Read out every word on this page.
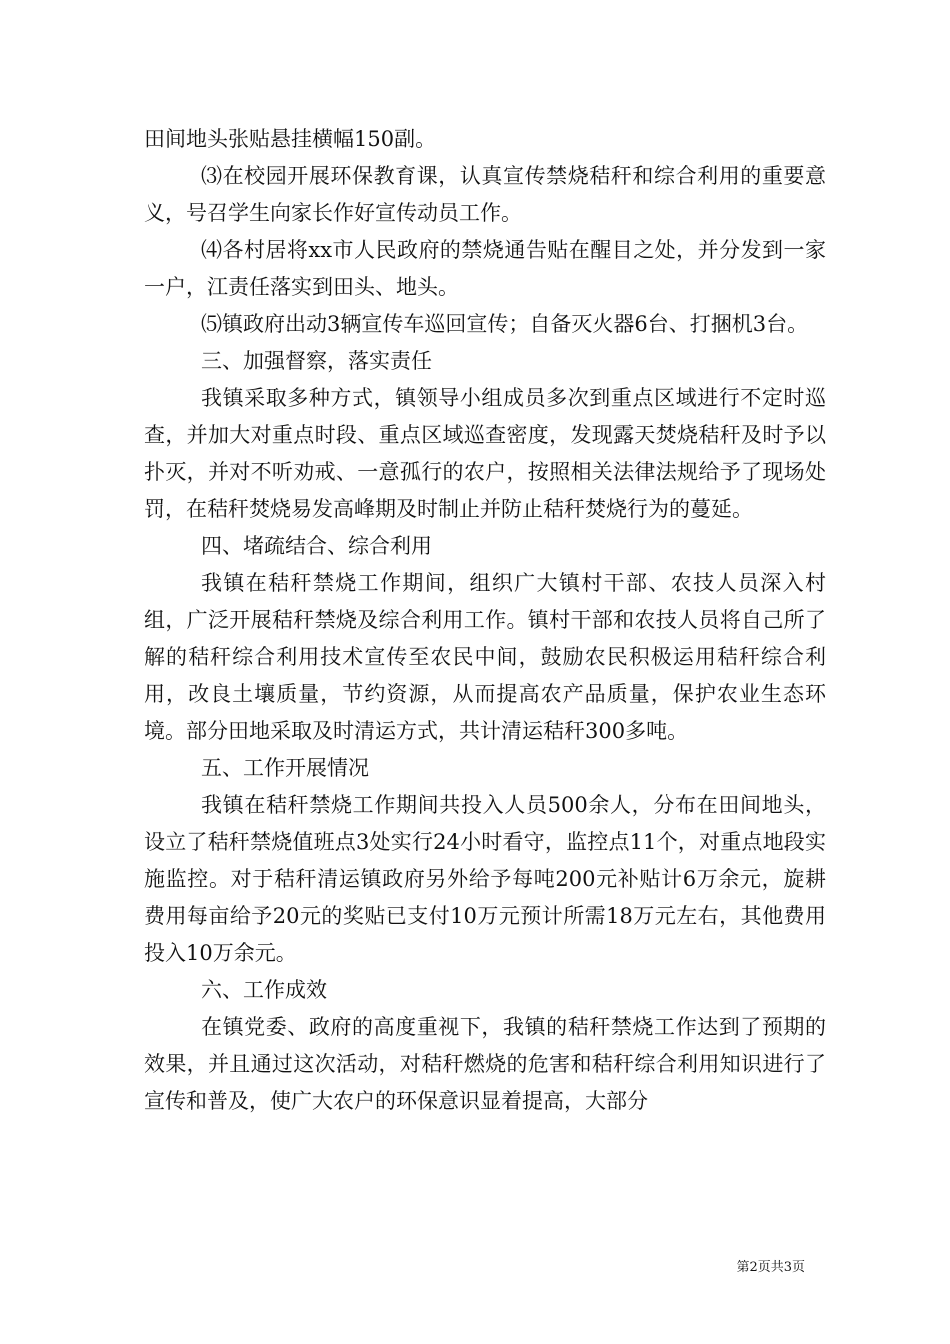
田间地头张贴悬挂横幅150副。

⑶在校园开展环保教育课，认真宣传禁烧秸秆和综合利用的重要意义，号召学生向家长作好宣传动员工作。

⑷各村居将xx市人民政府的禁烧通告贴在醒目之处，并分发到一家一户，江责任落实到田头、地头。

⑸镇政府出动3辆宣传车巡回宣传；自备灭火器6台、打捆机3台。

三、加强督察，落实责任

我镇采取多种方式，镇领导小组成员多次到重点区域进行不定时巡查，并加大对重点时段、重点区域巡查密度，发现露天焚烧秸秆及时予以扑灭，并对不听劝戒、一意孤行的农户，按照相关法律法规给予了现场处罚，在秸秆焚烧易发高峰期及时制止并防止秸秆焚烧行为的蔓延。

四、堵疏结合、综合利用

我镇在秸秆禁烧工作期间，组织广大镇村干部、农技人员深入村组，广泛开展秸秆禁烧及综合利用工作。镇村干部和农技人员将自己所了解的秸秆综合利用技术宣传至农民中间，鼓励农民积极运用秸秆综合利用，改良土壤质量，节约资源，从而提高农产品质量，保护农业生态环境。部分田地采取及时清运方式，共计清运秸秆300多吨。

五、工作开展情况

我镇在秸秆禁烧工作期间共投入人员500余人，分布在田间地头，设立了秸秆禁烧值班点3处实行24小时看守，监控点11个，对重点地段实施监控。对于秸秆清运镇政府另外给予每吨200元补贴计6万余元，旋耕费用每亩给予20元的奖贴已支付10万元预计所需18万元左右，其他费用投入10万余元。

六、工作成效

在镇党委、政府的高度重视下，我镇的秸秆禁烧工作达到了预期的效果，并且通过这次活动，对秸秆燃烧的危害和秸秆综合利用知识进行了宣传和普及，使广大农户的环保意识显着提高，大部分

第2页共3页
